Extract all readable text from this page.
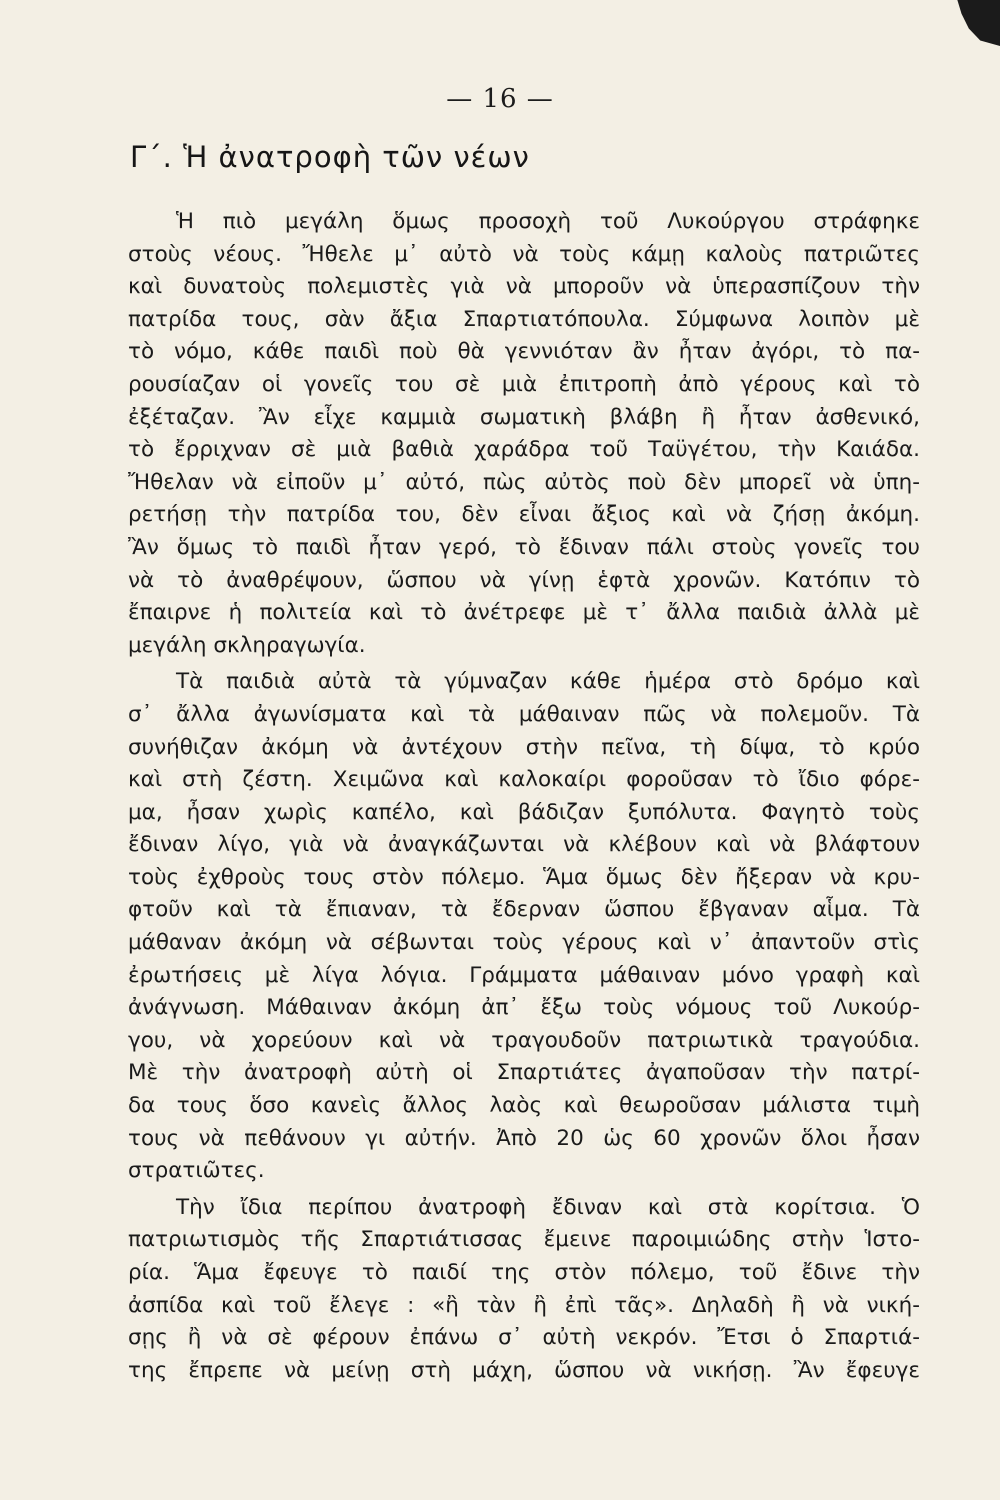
— 16 —
Γ΄. Ἡ ἀνατροφὴ τῶν νέων
Ἡ πιὸ μεγάλη ὅμως προσοχὴ τοῦ Λυκούργου στράφηκε
στοὺς νέους. Ἤθελε μ᾿ αὐτὸ νὰ τοὺς κάμῃ καλοὺς πατριῶτες
καὶ δυνατοὺς πολεμιστὲς γιὰ νὰ μποροῦν νὰ ὑπερασπίζουν τὴν
πατρίδα τους, σὰν ἄξια Σπαρτιατόπουλα. Σύμφωνα λοιπὸν μὲ
τὸ νόμο, κάθε παιδὶ ποὺ θὰ γεννιόταν ἂν ἦταν ἀγόρι, τὸ πα-
ρουσίαζαν οἱ γονεῖς του σὲ μιὰ ἐπιτροπὴ ἀπὸ γέρους καὶ τὸ
ἐξέταζαν. Ἂν εἶχε καμμιὰ σωματικὴ βλάβη ἢ ἦταν ἀσθενικό,
τὸ ἔρριχναν σὲ μιὰ βαθιὰ χαράδρα τοῦ Ταϋγέτου, τὴν Καιάδα.
Ἤθελαν νὰ εἰποῦν μ᾿ αὐτό, πὼς αὐτὸς ποὺ δὲν μπορεῖ νὰ ὑπη-
ρετήσῃ τὴν πατρίδα του, δὲν εἶναι ἄξιος καὶ νὰ ζήσῃ ἀκόμη.
Ἂν ὅμως τὸ παιδὶ ἦταν γερό, τὸ ἔδιναν πάλι στοὺς γονεῖς του
νὰ τὸ ἀναθρέψουν, ὥσπου νὰ γίνῃ ἑφτὰ χρονῶν. Κατόπιν τὸ
ἔπαιρνε ἡ πολιτεία καὶ τὸ ἀνέτρεφε μὲ τ᾿ ἄλλα παιδιὰ ἀλλὰ μὲ
μεγάλη σκληραγωγία.
Τὰ παιδιὰ αὐτὰ τὰ γύμναζαν κάθε ἡμέρα στὸ δρόμο καὶ
σ᾿ ἄλλα ἀγωνίσματα καὶ τὰ μάθαιναν πῶς νὰ πολεμοῦν. Τὰ
συνήθιζαν ἀκόμη νὰ ἀντέχουν στὴν πεῖνα, τὴ δίψα, τὸ κρύο
καὶ στὴ ζέστη. Χειμῶνα καὶ καλοκαίρι φοροῦσαν τὸ ἴδιο φόρε-
μα, ἦσαν χωρὶς καπέλο, καὶ βάδιζαν ξυπόλυτα. Φαγητὸ τοὺς
ἔδιναν λίγο, γιὰ νὰ ἀναγκάζωνται νὰ κλέβουν καὶ νὰ βλάφτουν
τοὺς ἐχθροὺς τους στὸν πόλεμο. Ἅμα ὅμως δὲν ἤξεραν νὰ κρυ-
φτοῦν καὶ τὰ ἔπιαναν, τὰ ἔδερναν ὥσπου ἔβγαναν αἷμα. Τὰ
μάθαναν ἀκόμη νὰ σέβωνται τοὺς γέρους καὶ ν᾿ ἀπαντοῦν στὶς
ἐρωτήσεις μὲ λίγα λόγια. Γράμματα μάθαιναν μόνο γραφὴ καὶ
ἀνάγνωση. Μάθαιναν ἀκόμη ἀπ᾿ ἔξω τοὺς νόμους τοῦ Λυκούρ-
γου, νὰ χορεύουν καὶ νὰ τραγουδοῦν πατριωτικὰ τραγούδια.
Μὲ τὴν ἀνατροφὴ αὐτὴ οἱ Σπαρτιάτες ἀγαποῦσαν τὴν πατρί-
δα τους ὅσο κανεὶς ἄλλος λαὸς καὶ θεωροῦσαν μάλιστα τιμὴ
τους νὰ πεθάνουν γι αὐτήν. Ἀπὸ 20 ὡς 60 χρονῶν ὅλοι ἦσαν
στρατιῶτες.
Τὴν ἴδια περίπου ἀνατροφὴ ἔδιναν καὶ στὰ κορίτσια. Ὁ
πατριωτισμὸς τῆς Σπαρτιάτισσας ἔμεινε παροιμιώδης στὴν Ἱστο-
ρία. Ἅμα ἔφευγε τὸ παιδί της στὸν πόλεμο, τοῦ ἔδινε τὴν
ἀσπίδα καὶ τοῦ ἔλεγε : «ἢ τὰν ἢ ἐπὶ τᾶς». Δηλαδὴ ἢ νὰ νική-
σῃς ἢ νὰ σὲ φέρουν ἐπάνω σ᾿ αὐτὴ νεκρόν. Ἔτσι ὁ Σπαρτιά-
της ἔπρεπε νὰ μείνῃ στὴ μάχη, ὥσπου νὰ νικήσῃ. Ἂν ἔφευγε
